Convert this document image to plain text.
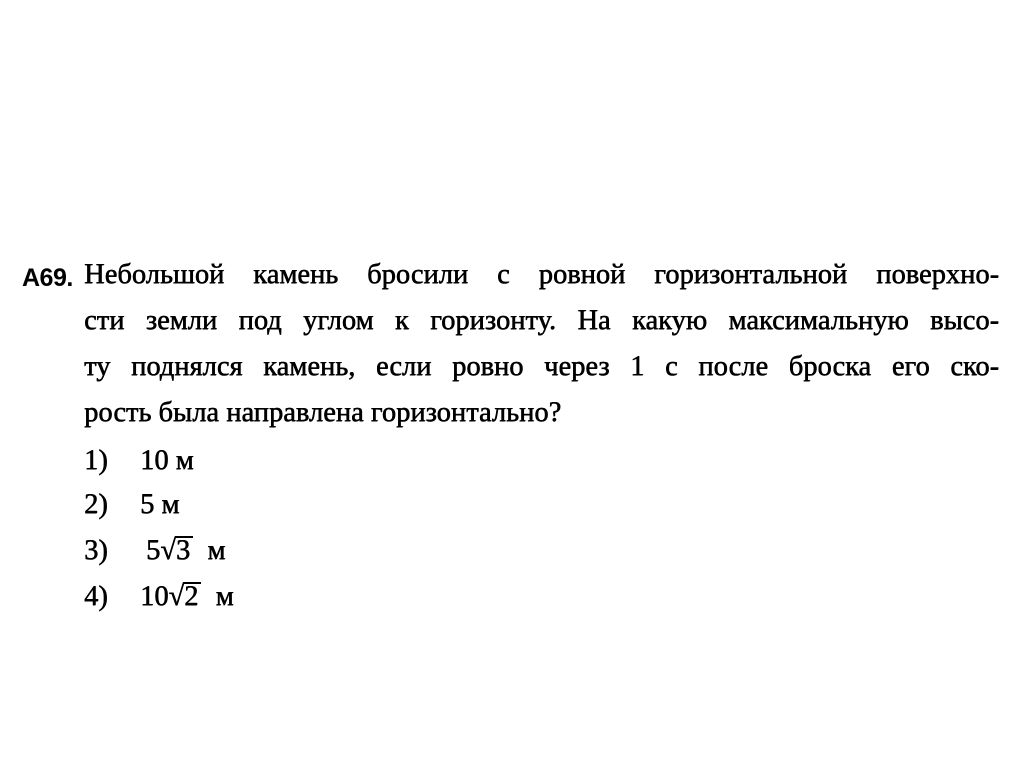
A69. Небольшой камень бросили с ровной горизонтальной поверхно-
сти земли под углом к горизонту. На какую максимальную высо-
ту поднялся камень, если ровно через 1 с после броска его ско-
рость была направлена горизонтально?
1) 10 м
2) 5 м
3) 5√3 м
4) 10√2 м
